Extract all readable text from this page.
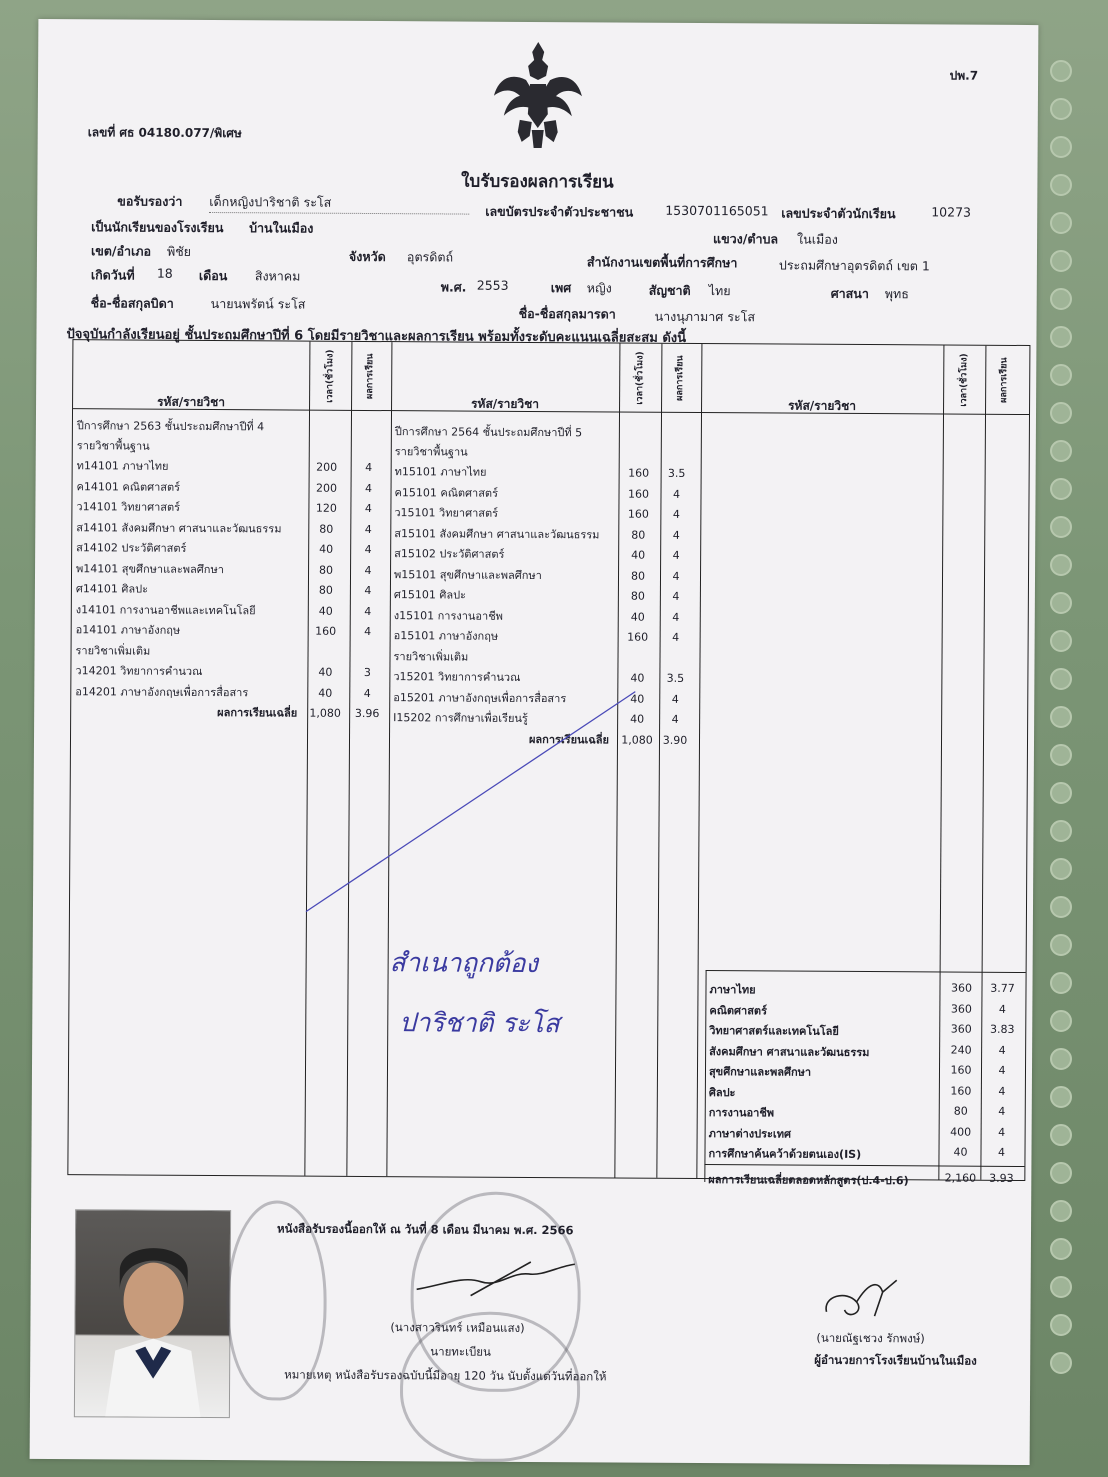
ปพ.7
เลขที่ ศธ 04180.077/พิเศษ
ใบรับรองผลการเรียน
ขอรับรองว่า เด็กหญิงปาริชาติ ระโส
เลขบัตรประจำตัวประชาชน	1530701165051 เลขประจำตัวนักเรียน	10273
เป็นนักเรียนของโรงเรียน บ้านในเมือง
แขวง/ตำบล ในเมือง
เขต/อำเภอ พิชัย	จังหวัด อุตรดิตถ์	สำนักงานเขตพื้นที่การศึกษา	ประถมศึกษาอุตรดิตถ์ เขต 1
เกิดวันที่ 18 เดือน สิงหาคม
พ.ศ. 2553	เพศ หญิง	สัญชาติ ไทย	ศาสนา พุทธ
ชื่อ-ชื่อสกุลบิดา	นายนพรัตน์ ระโส
ชื่อ-ชื่อสกุลมารดา	นางนุภามาศ ระโส
ปัจจุบันกำลังเรียนอยู่ ชั้นประถมศึกษาปีที่ 6 โดยมีรายวิชาและผลการเรียน พร้อมทั้งระดับคะแนนเฉลี่ยสะสม ดังนี้
รหัส/รายวิชา	เวลา(ชั่วโมง)	ผลการเรียน
รหัส/รายวิชา	เวลา(ชั่วโมง)	ผลการเรียน
รหัส/รายวิชา	เวลา(ชั่วโมง)	ผลการเรียน
ปีการศึกษา 2563 ชั้นประถมศึกษาปีที่ 4
รายวิชาพื้นฐาน
ท14101 ภาษาไทย	200	4
ค14101 คณิตศาสตร์	200	4
ว14101 วิทยาศาสตร์	120	4
ส14101 สังคมศึกษา ศาสนาและวัฒนธรรม	80	4
ส14102 ประวัติศาสตร์	40	4
พ14101 สุขศึกษาและพลศึกษา	80	4
ศ14101 ศิลปะ	80	4
ง14101 การงานอาชีพและเทคโนโลยี	40	4
อ14101 ภาษาอังกฤษ	160	4
รายวิชาเพิ่มเติม
ว14201 วิทยาการคำนวณ	40	3
อ14201 ภาษาอังกฤษเพื่อการสื่อสาร	40	4
ผลการเรียนเฉลี่ย	1,080	3.96
ปีการศึกษา 2564 ชั้นประถมศึกษาปีที่ 5
รายวิชาพื้นฐาน
ท15101 ภาษาไทย	160	3.5
ค15101 คณิตศาสตร์	160	4
ว15101 วิทยาศาสตร์	160	4
ส15101 สังคมศึกษา ศาสนาและวัฒนธรรม	80	4
ส15102 ประวัติศาสตร์	40	4
พ15101 สุขศึกษาและพลศึกษา	80	4
ศ15101 ศิลปะ	80	4
ง15101 การงานอาชีพ	40	4
อ15101 ภาษาอังกฤษ	160	4
รายวิชาเพิ่มเติม
ว15201 วิทยาการคำนวณ	40	3.5
อ15201 ภาษาอังกฤษเพื่อการสื่อสาร	40	4
I15202 การศึกษาเพื่อเรียนรู้	40	4
ผลการเรียนเฉลี่ย	1,080 3.90
ภาษาไทย	360	3.77
คณิตศาสตร์	360	4
วิทยาศาสตร์และเทคโนโลยี	360	3.83
สังคมศึกษา ศาสนาและวัฒนธรรม	240	4
สุขศึกษาและพลศึกษา	160	4
ศิลปะ	160	4
การงานอาชีพ	80	4
ภาษาต่างประเทศ	400	4
การศึกษาค้นคว้าด้วยตนเอง(IS)	40	4
ผลการเรียนเฉลี่ยตลอดหลักสูตร(ป.4-ป.6)	2,160	3.93
สำเนาถูกต้อง
ปาริชาติ ระโส
หนังสือรับรองนี้ออกให้ ณ วันที่ 8 เดือน มีนาคม พ.ศ. 2566
(นางสาวรินทร์ เหมือนแสง)
นายทะเบียน
หมายเหตุ หนังสือรับรองฉบับนี้มีอายุ 120 วัน นับตั้งแต่วันที่ออกให้
(นายณัฐเชวง รักพงษ์)
ผู้อำนวยการโรงเรียนบ้านในเมือง
